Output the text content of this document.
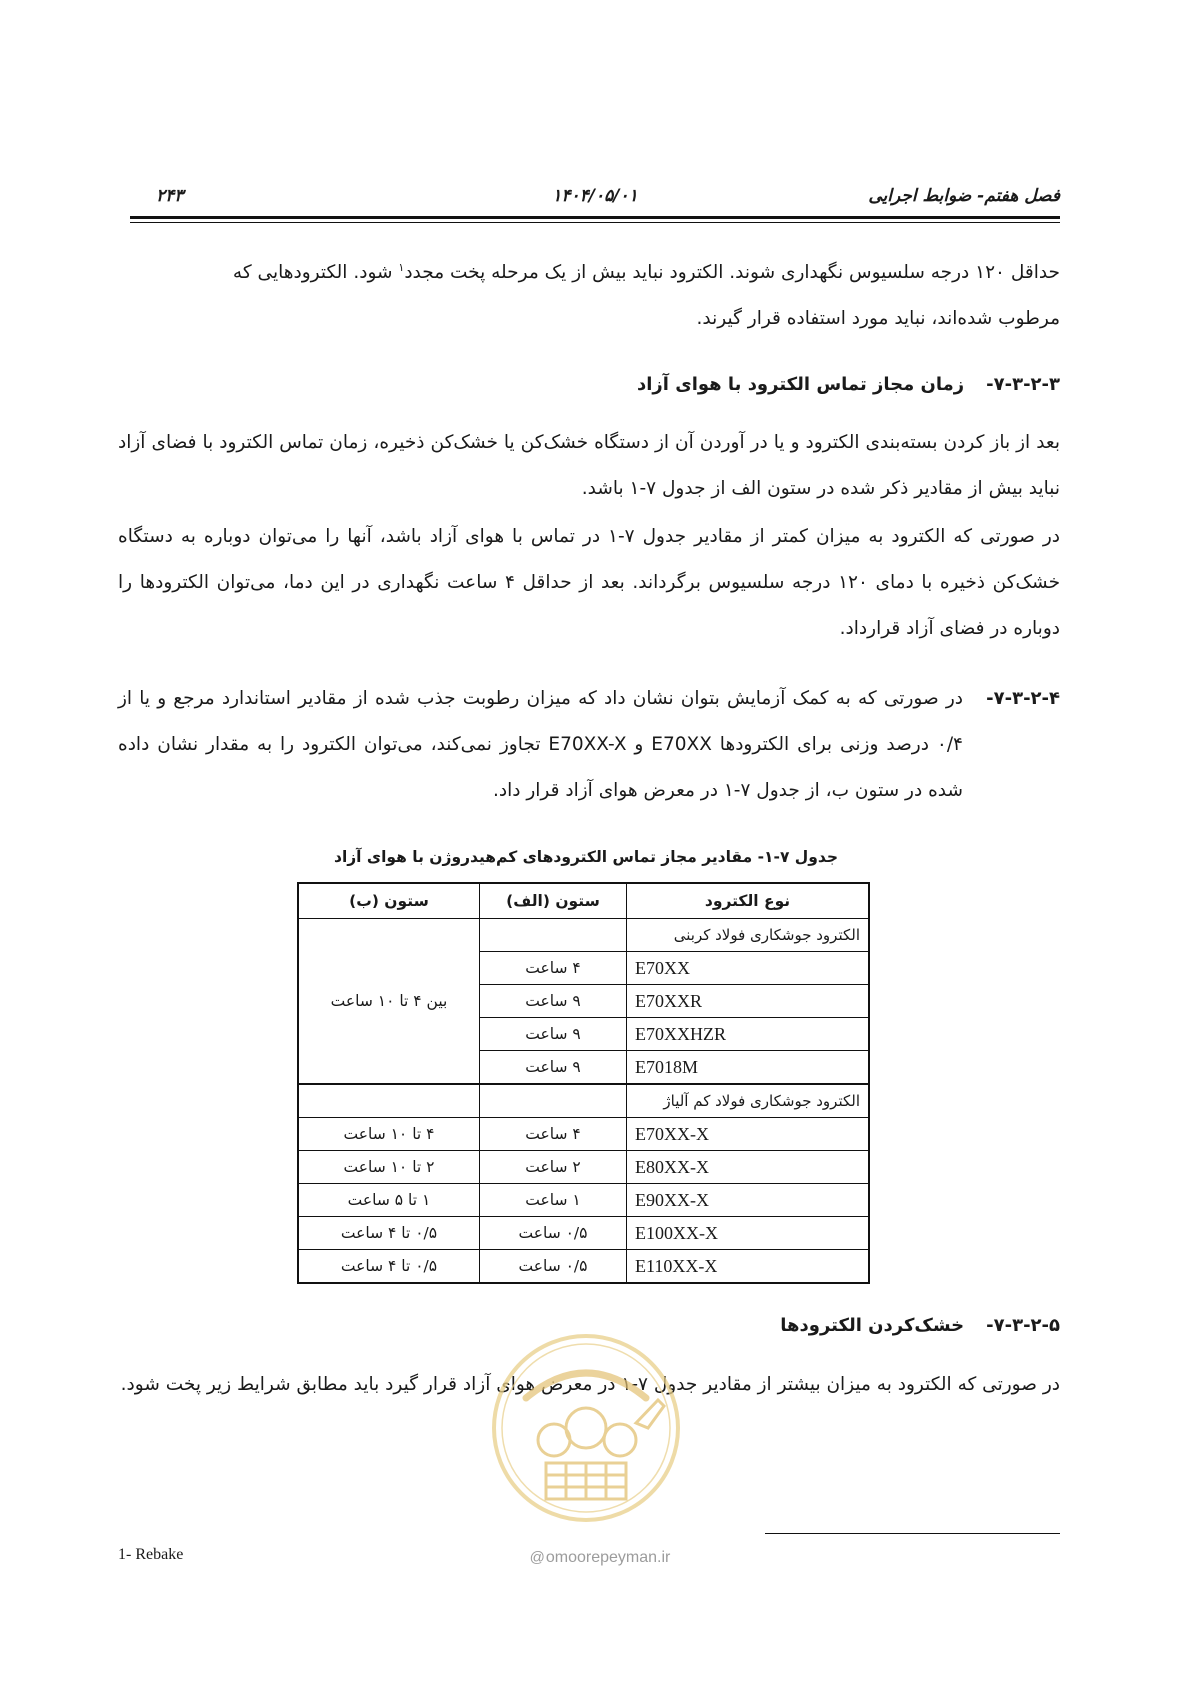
فصل هفتم- ضوابط اجرایی
۱۴۰۴/۰۵/۰۱
۲۴۳

حداقل ۱۲۰ درجه سلسیوس نگهداری شوند. الکترود نباید بیش از یک مرحله پخت مجدد$^۱$ شود. الکترودهایی که

مرطوب شده‌اند، نباید مورد استفاده قرار گیرند.

۷-۳-۲-۳-زمان مجاز تماس الکترود با هوای آزاد
بعد از باز کردن بسته‌بندی الکترود و یا در آوردن آن از دستگاه خشک‌کن یا خشک‌کن ذخیره، زمان تماس الکترود با فضای آزاد نباید بیش از مقادیر ذکر شده در ستون الف از جدول ۷-۱ باشد.
در صورتی که الکترود به میزان کمتر از مقادیر جدول ۷-۱ در تماس با هوای آزاد باشد، آنها را می‌توان دوباره به دستگاه خشک‌کن ذخیره با دمای ۱۲۰ درجه سلسیوس برگرداند. بعد از حداقل ۴ ساعت نگهداری در این دما، می‌توان الکترودها را دوباره در فضای آزاد قرارداد.
۷-۳-۲-۴-
در صورتی که به کمک آزمایش بتوان نشان داد که میزان رطوبت جذب شده از مقادیر استاندارد مرجع و یا از ۰/۴ درصد وزنی برای الکترودها E70XX و E70XX-X تجاوز نمی‌کند، می‌توان الکترود را به مقدار نشان داده شده در ستون ب، از جدول ۷-۱ در معرض هوای آزاد قرار داد.
جدول ۷-۱- مقادیر مجاز تماس الکترودهای کم‌هیدروژن با هوای آزاد
نوع الکترود	ستون (الف)	ستون (ب)
الکترود جوشکاری فولاد کربنی		بین ۴ تا ۱۰ ساعت
E70XX	۴ ساعت	
E70XXR	۹ ساعت	
E70XXHZR	۹ ساعت	
E7018M	۹ ساعت	
الکترود جوشکاری فولاد کم آلیاژ		
E70XX-X	۴ ساعت	۴ تا ۱۰ ساعت
E80XX-X	۲ ساعت	۲ تا ۱۰ ساعت
E90XX-X	۱ ساعت	۱ تا ۵ ساعت
E100XX-X	۰/۵ ساعت	۰/۵ تا ۴ ساعت
E110XX-X	۰/۵ ساعت	۰/۵ تا ۴ ساعت
۷-۳-۲-۵-خشک‌کردن الکترودها
در صورتی که الکترود به میزان بیشتر از مقادیر جدول ۷-۱ در معرض هوای آزاد قرار گیرد باید مطابق شرایط زیر پخت شود.
@omoorepeyman.ir
1- Rebake
